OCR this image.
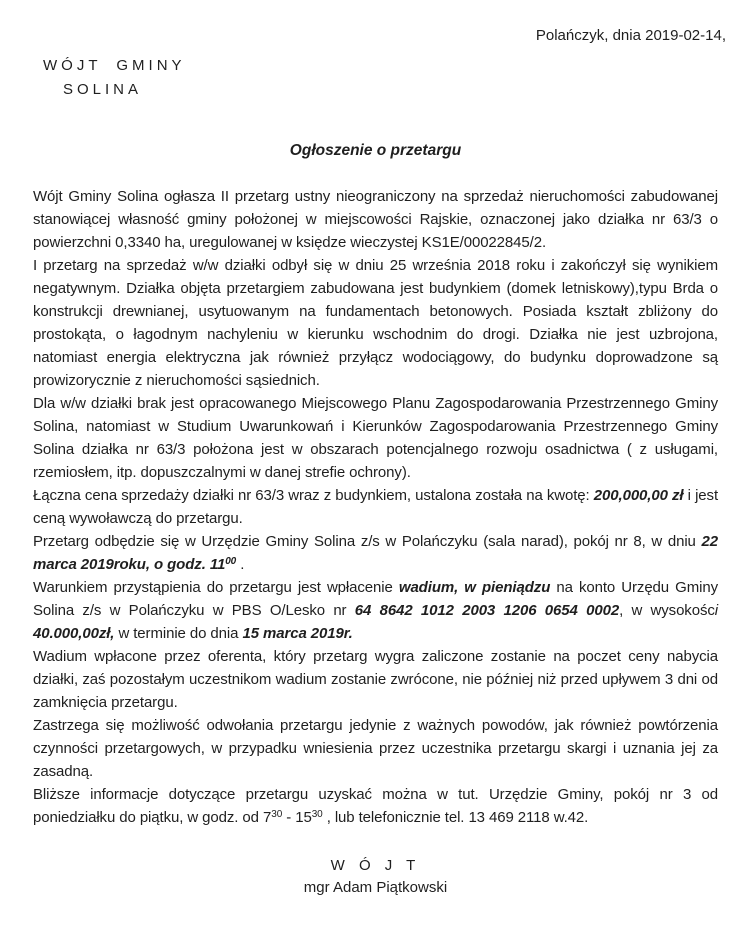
Polańczyk, dnia 2019-02-14,
WÓJT GMINY
SOLINA
Ogłoszenie o przetargu

Wójt Gminy Solina ogłasza II przetarg ustny nieograniczony na sprzedaż nieruchomości zabudowanej stanowiącej własność gminy położonej w miejscowości Rajskie, oznaczonej jako działka nr 63/3 o powierzchni 0,3340 ha, uregulowanej w księdze wieczystej KS1E/00022845/2.

I przetarg na sprzedaż w/w działki odbył się w dniu 25 września 2018 roku i zakończył się wynikiem negatywnym. Działka objęta przetargiem zabudowana jest budynkiem (domek letniskowy),typu Brda o konstrukcji drewnianej, usytuowanym na fundamentach betonowych. Posiada kształt zbliżony do prostokąta, o łagodnym nachyleniu w kierunku wschodnim do drogi. Działka nie jest uzbrojona, natomiast energia elektryczna jak również przyłącz wodociągowy, do budynku doprowadzone są prowizorycznie z nieruchomości sąsiednich.

Dla w/w działki brak jest opracowanego Miejscowego Planu Zagospodarowania Przestrzennego Gminy Solina, natomiast w Studium Uwarunkowań i Kierunków Zagospodarowania Przestrzennego Gminy Solina działka nr 63/3 położona jest w obszarach potencjalnego rozwoju osadnictwa ( z usługami, rzemiosłem, itp. dopuszczalnymi w danej strefie ochrony).

Łączna cena sprzedaży działki nr 63/3 wraz z budynkiem, ustalona została na kwotę: 200,000,00 zł i jest ceną wywoławczą do przetargu.

Przetarg odbędzie się w Urzędzie Gminy Solina z/s w Polańczyku (sala narad), pokój nr 8, w dniu 22 marca 2019roku, o godz. $11^{00}$ .

Warunkiem przystąpienia do przetargu jest wpłacenie wadium, w pieniądzu na konto Urzędu Gminy Solina z/s w Polańczyku w PBS O/Lesko nr 64 8642 1012 2003 1206 0654 0002, w wysokości 40.000,00zł, w terminie do dnia 15 marca 2019r.

Wadium wpłacone przez oferenta, który przetarg wygra zaliczone zostanie na poczet ceny nabycia działki, zaś pozostałym uczestnikom wadium zostanie zwrócone, nie później niż przed upływem 3 dni od zamknięcia przetargu.

Zastrzega się możliwość odwołania przetargu jedynie z ważnych powodów, jak również powtórzenia czynności przetargowych, w przypadku wniesienia przez uczestnika przetargu skargi i uznania jej za zasadną.

Bliższe informacje dotyczące przetargu uzyskać można w tut. Urzędzie Gminy, pokój nr 3 od poniedziałku do piątku, w godz. od $7^{30} - 15^{30}$ , lub telefonicznie tel. 13 469 2118 w.42.

W Ó J T
mgr Adam Piątkowski
